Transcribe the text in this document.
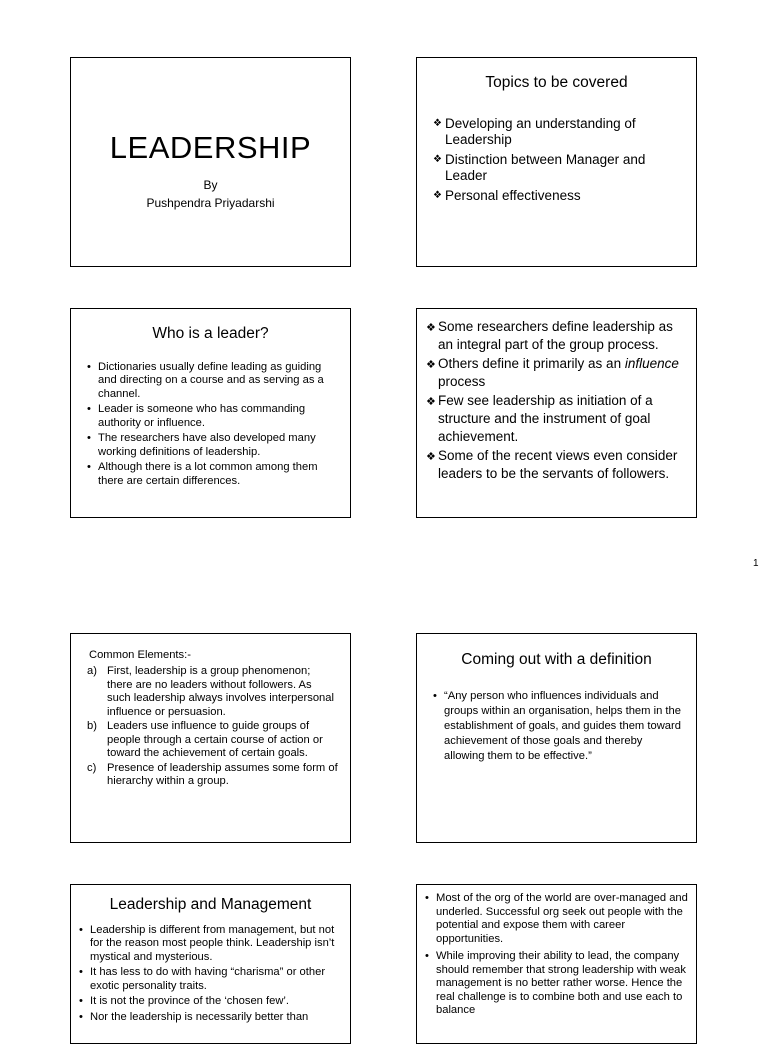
LEADERSHIP
By
Pushpendra Priyadarshi
Topics to be covered
❖ Developing an understanding of Leadership
❖ Distinction between Manager and Leader
❖ Personal effectiveness
Who is a leader?
• Dictionaries usually define leading as guiding and directing on a course and as serving as a channel.
• Leader is someone who has commanding authority or influence.
• The researchers have also developed many working definitions of leadership.
• Although there is a lot common among them there are certain differences.
❖ Some researchers define leadership as an integral part of the group process.
❖ Others define it primarily as an influence process
❖ Few see leadership as initiation of a structure and the instrument of goal achievement.
❖ Some of the recent views even consider leaders to be the servants of followers.
Common Elements:-
a) First, leadership is a group phenomenon; there are no leaders without followers. As such leadership always involves interpersonal influence or persuasion.
b) Leaders use influence to guide groups of people through a certain course of action or toward the achievement of certain goals.
c) Presence of leadership assumes some form of hierarchy within a group.
Coming out with a definition
• “Any person who influences individuals and groups within an organisation, helps them in the establishment of goals, and guides them toward achievement of those goals and thereby allowing them to be effective.”
Leadership and Management
• Leadership is different from management, but not for the reason most people think. Leadership isn’t mystical and mysterious.
• It has less to do with having “charisma” or other exotic personality traits.
• It is not the province of the ‘chosen few’.
• Nor the leadership is necessarily better than
• Most of the org of the world are over-managed and underled. Successful org seek out people with the potential and expose them with career opportunities.
• While improving their ability to lead, the company should remember that strong leadership with weak management is no better rather worse. Hence the real challenge is to combine both and use each to balance
1
